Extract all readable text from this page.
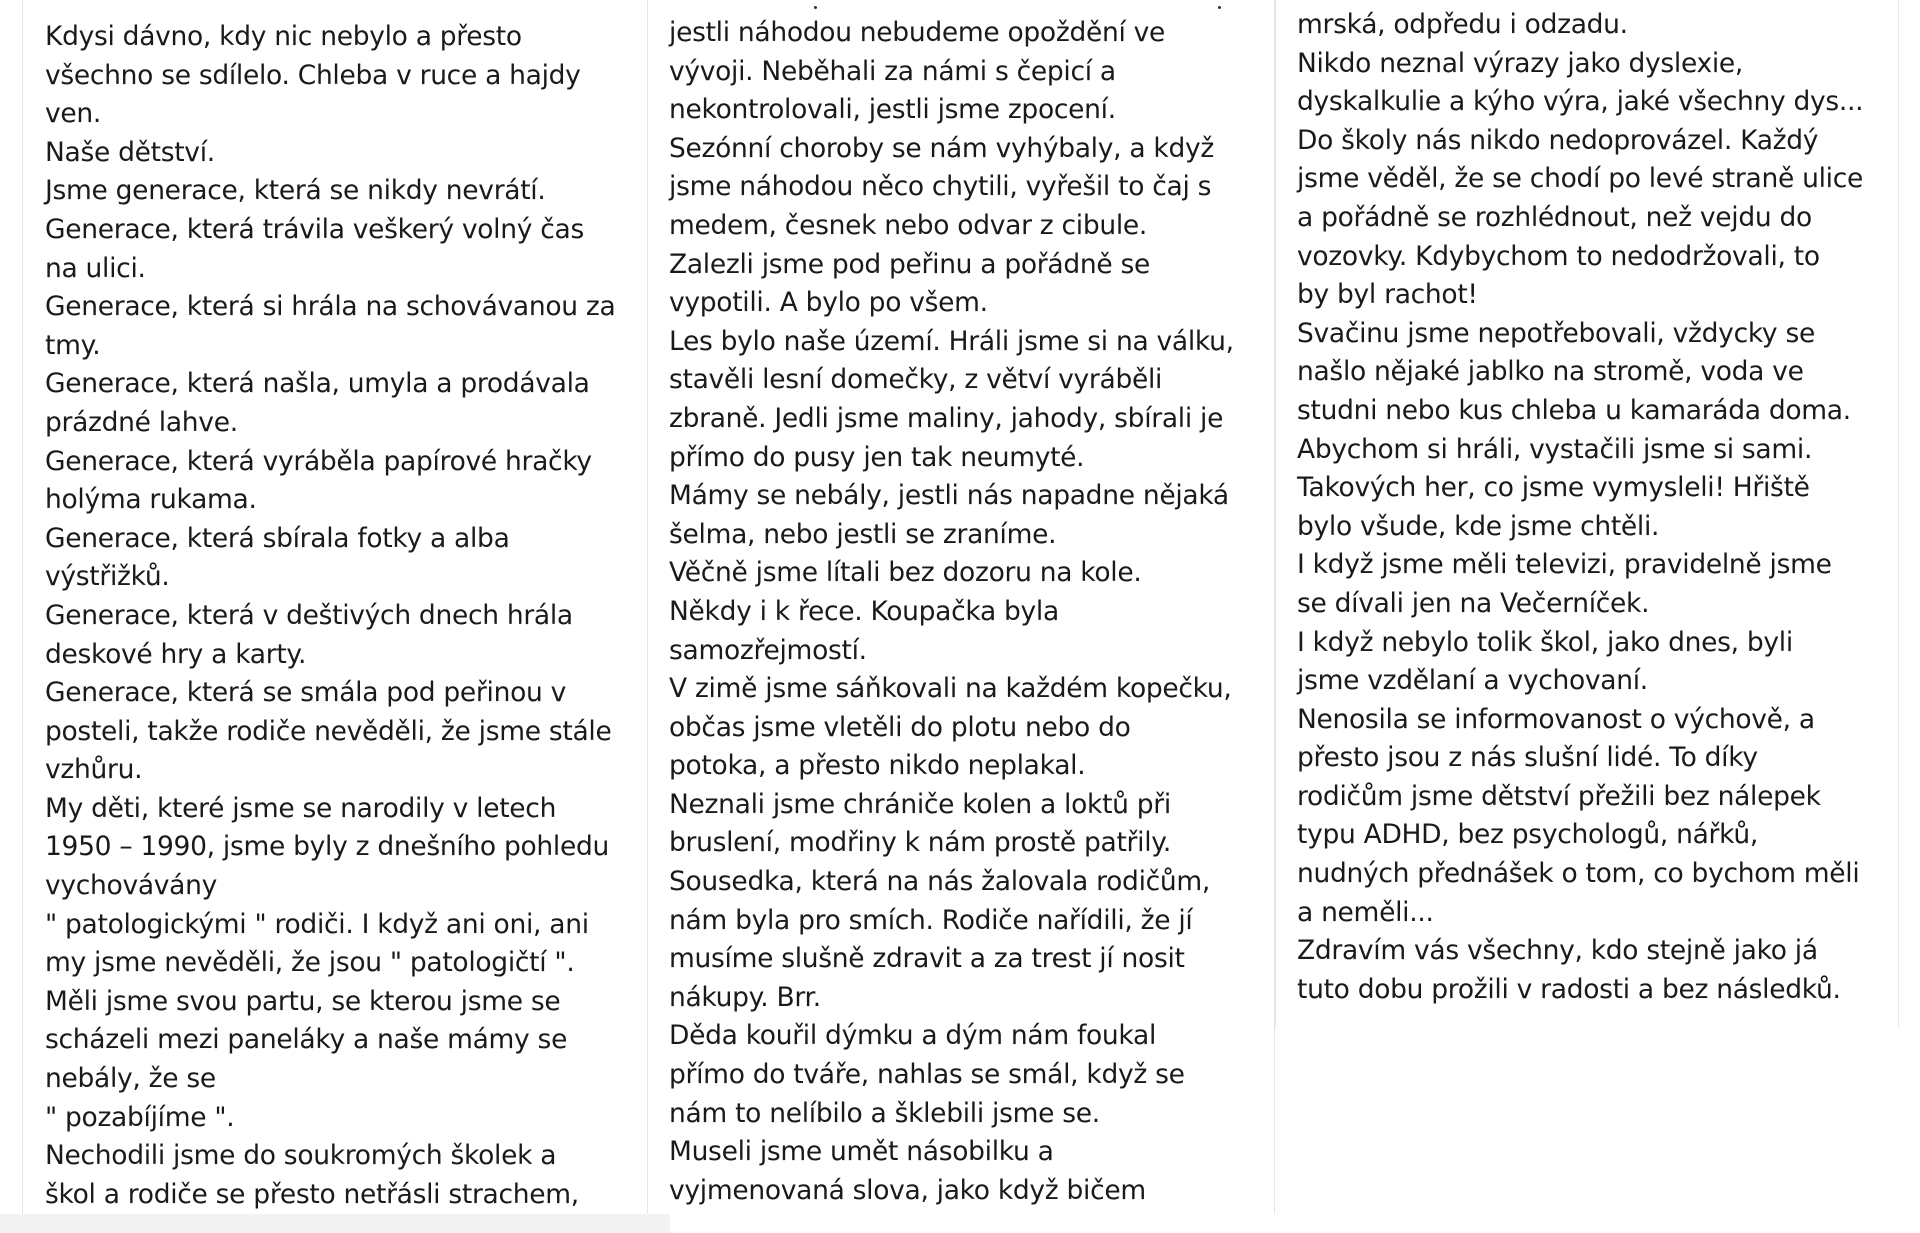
Kdysi dávno, kdy nic nebylo a přesto
všechno se sdílelo. Chleba v ruce a hajdy
ven.
Naše dětství.
Jsme generace, která se nikdy nevrátí.
Generace, která trávila veškerý volný čas
na ulici.
Generace, která si hrála na schovávanou za
tmy.
Generace, která našla, umyla a prodávala
prázdné lahve.
Generace, která vyráběla papírové hračky
holýma rukama.
Generace, která sbírala fotky a alba
výstřižků.
Generace, která v deštivých dnech hrála
deskové hry a karty.
Generace, která se smála pod peřinou v
posteli, takže rodiče nevěděli, že jsme stále
vzhůru.
My děti, které jsme se narodily v letech
1950 – 1990, jsme byly z dnešního pohledu
vychovávány
" patologickými " rodiči. I když ani oni, ani
my jsme nevěděli, že jsou " patologičtí ".
Měli jsme svou partu, se kterou jsme se
scházeli mezi paneláky a naše mámy se
nebály, že se
" pozabíjíme ".
Nechodili jsme do soukromých školek a
škol a rodiče se přesto netřásli strachem,
jestli náhodou nebudeme opoždění ve
vývoji. Neběhali za námi s čepicí a
nekontrolovali, jestli jsme zpocení.
Sezónní choroby se nám vyhýbaly, a když
jsme náhodou něco chytili, vyřešil to čaj s
medem, česnek nebo odvar z cibule.
Zalezli jsme pod peřinu a pořádně se
vypotili. A bylo po všem.
Les bylo naše území. Hráli jsme si na válku,
stavěli lesní domečky, z větví vyráběli
zbraně. Jedli jsme maliny, jahody, sbírali je
přímo do pusy jen tak neumyté.
Mámy se nebály, jestli nás napadne nějaká
šelma, nebo jestli se zraníme.
Věčně jsme lítali bez dozoru na kole.
Někdy i k řece. Koupačka byla
samozřejmostí.
V zimě jsme sáňkovali na každém kopečku,
občas jsme vletěli do plotu nebo do
potoka, a přesto nikdo neplakal.
Neznali jsme chrániče kolen a loktů při
bruslení, modřiny k nám prostě patřily.
Sousedka, která na nás žalovala rodičům,
nám byla pro smích. Rodiče nařídili, že jí
musíme slušně zdravit a za trest jí nosit
nákupy. Brr.
Děda kouřil dýmku a dým nám foukal
přímo do tváře, nahlas se smál, když se
nám to nelíbilo a šklebili jsme se.
Museli jsme umět násobilku a
vyjmenovaná slova, jako když bičem
mrská, odpředu i odzadu.
Nikdo neznal výrazy jako dyslexie,
dyskalkulie a kýho výra, jaké všechny dys...
Do školy nás nikdo nedoprovázel. Každý
jsme věděl, že se chodí po levé straně ulice
a pořádně se rozhlédnout, než vejdu do
vozovky. Kdybychom to nedodržovali, to
by byl rachot!
Svačinu jsme nepotřebovali, vždycky se
našlo nějaké jablko na stromě, voda ve
studni nebo kus chleba u kamaráda doma.
Abychom si hráli, vystačili jsme si sami.
Takových her, co jsme vymysleli! Hřiště
bylo všude, kde jsme chtěli.
I když jsme měli televizi, pravidelně jsme
se dívali jen na Večerníček.
I když nebylo tolik škol, jako dnes, byli
jsme vzdělaní a vychovaní.
Nenosila se informovanost o výchově, a
přesto jsou z nás slušní lidé. To díky
rodičům jsme dětství přežili bez nálepek
typu ADHD, bez psychologů, nářků,
nudných přednášek o tom, co bychom měli
a neměli...
Zdravím vás všechny, kdo stejně jako já
tuto dobu prožili v radosti a bez následků.
